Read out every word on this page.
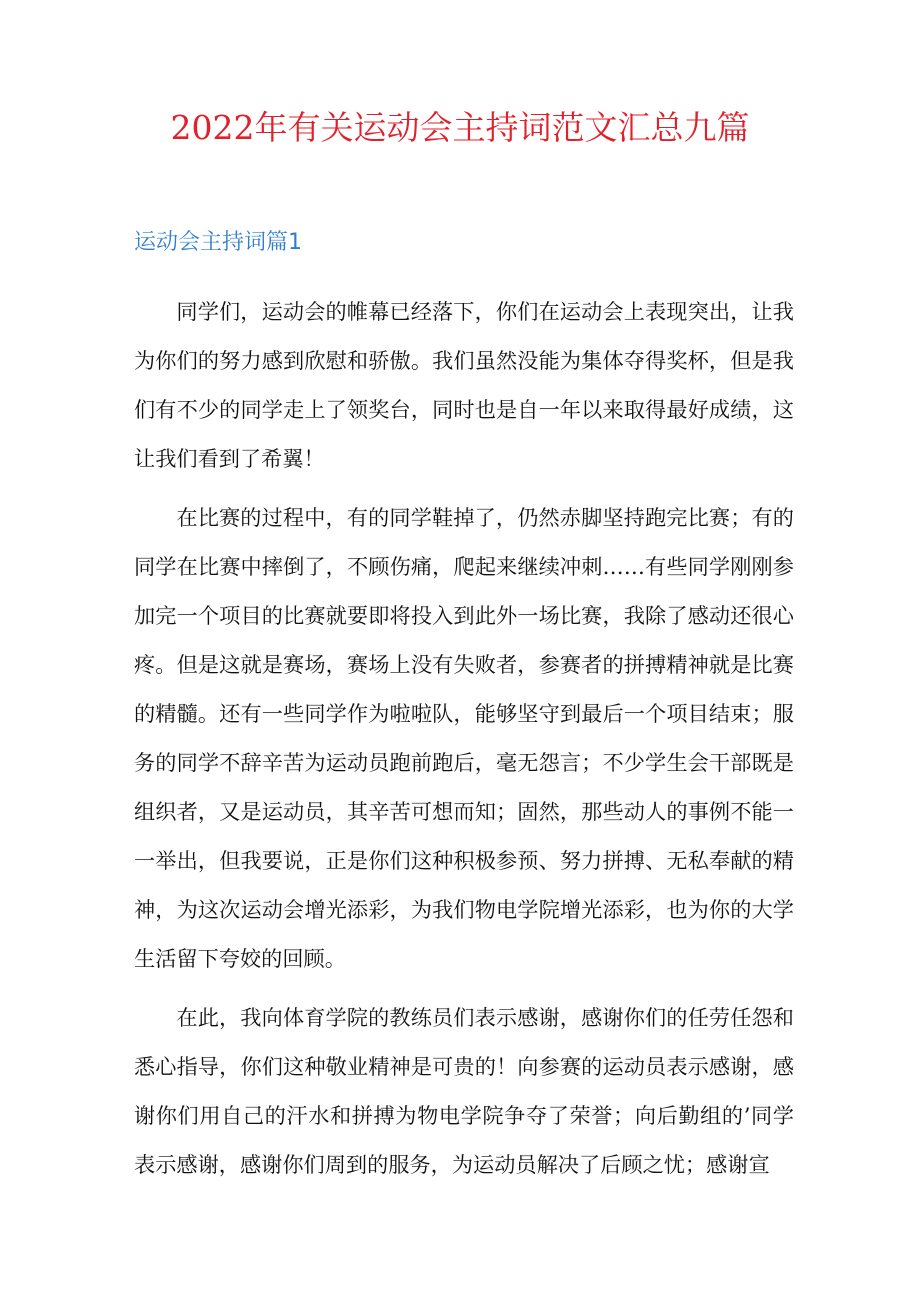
2022年有关运动会主持词范文汇总九篇
运动会主持词篇1

同学们，运动会的帷幕已经落下，你们在运动会上表现突出，让我为你们的努力感到欣慰和骄傲。我们虽然没能为集体夺得奖杯，但是我们有不少的同学走上了领奖台，同时也是自一年以来取得最好成绩，这让我们看到了希翼！

在比赛的过程中，有的同学鞋掉了，仍然赤脚坚持跑完比赛；有的同学在比赛中摔倒了，不顾伤痛，爬起来继续冲刺……有些同学刚刚参加完一个项目的比赛就要即将投入到此外一场比赛，我除了感动还很心疼。但是这就是赛场，赛场上没有失败者，参赛者的拼搏精神就是比赛的精髓。还有一些同学作为啦啦队，能够坚守到最后一个项目结束；服务的同学不辞辛苦为运动员跑前跑后，毫无怨言；不少学生会干部既是组织者，又是运动员，其辛苦可想而知；固然，那些动人的事例不能一一举出，但我要说，正是你们这种积极参预、努力拼搏、无私奉献的精神，为这次运动会增光添彩，为我们物电学院增光添彩，也为你的大学生活留下夸姣的回顾。

在此，我向体育学院的教练员们表示感谢，感谢你们的任劳任怨和悉心指导，你们这种敬业精神是可贵的！向参赛的运动员表示感谢，感谢你们用自己的汗水和拼搏为物电学院争夺了荣誉；向后勤组的’同学表示感谢，感谢你们周到的服务，为运动员解决了后顾之忧；感谢宣
